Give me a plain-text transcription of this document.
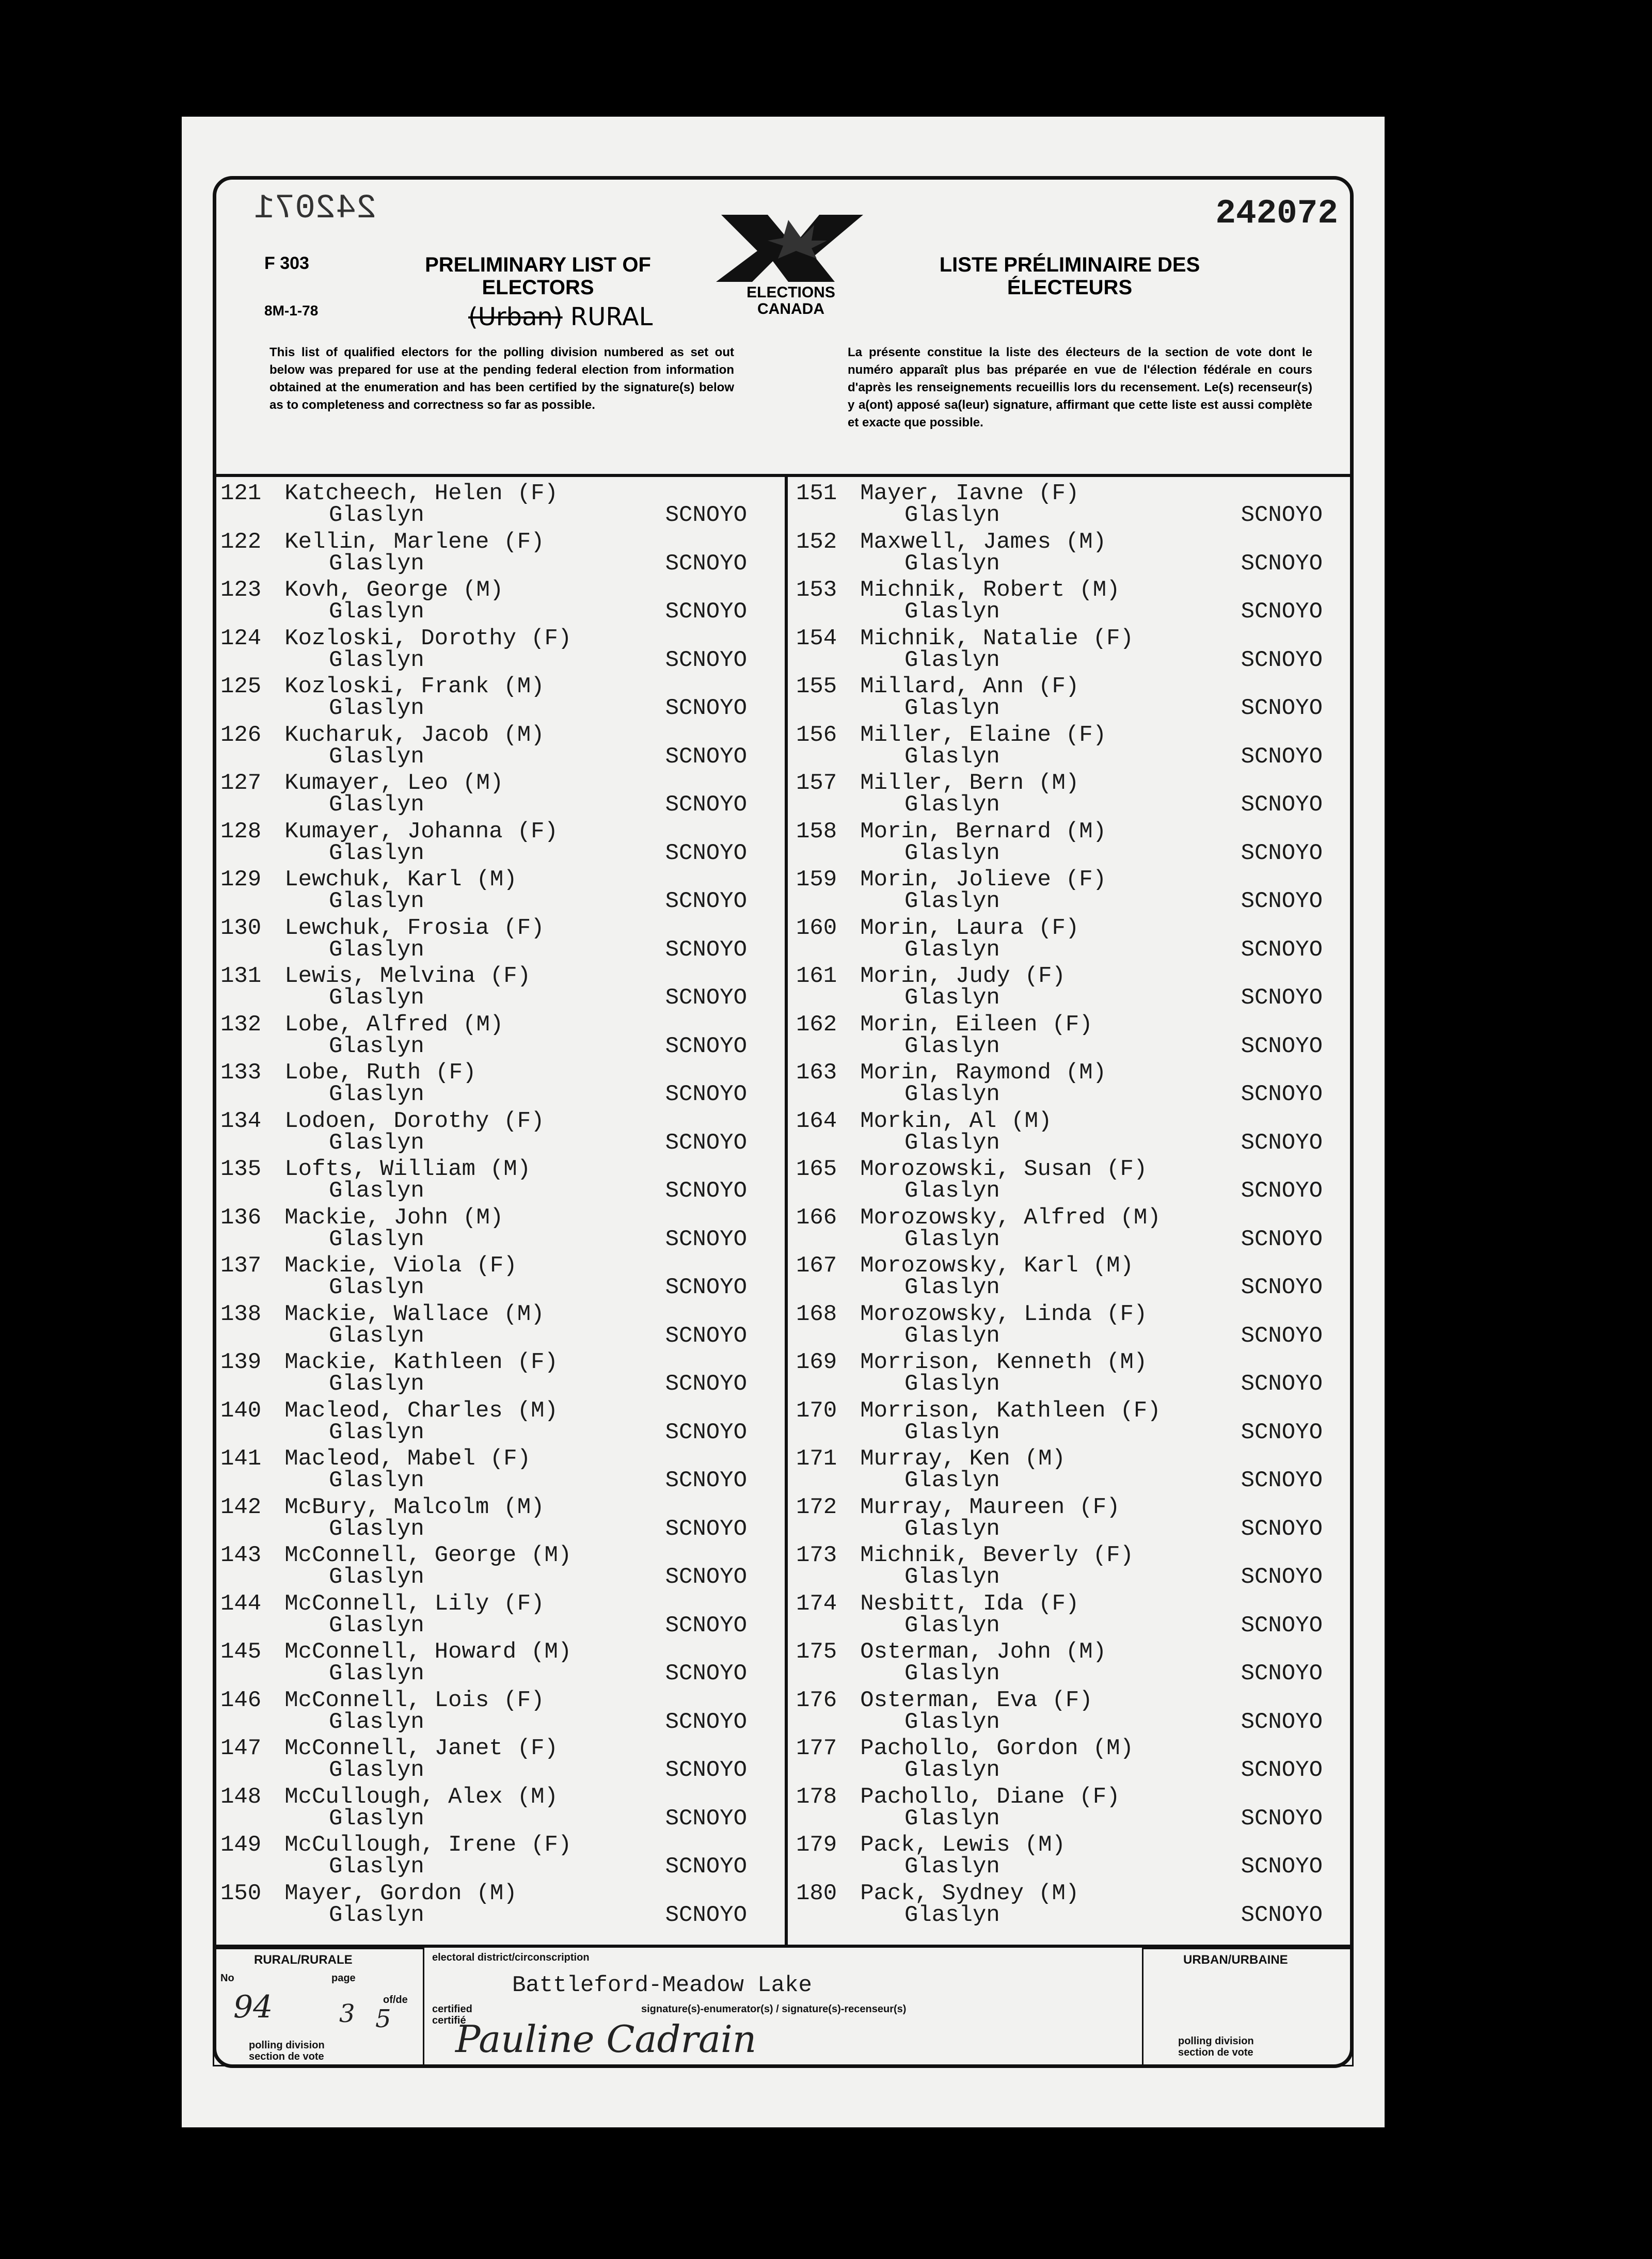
242071	242072
F 303
8M-1-78
PRELIMINARY LIST OF ELECTORS
(Urban) RURAL
ELECTIONS CANADA
LISTE PRÉLIMINAIRE DES ÉLECTEURS
This list of qualified electors for the polling division numbered as set out below was prepared for use at the pending federal election from information obtained at the enumeration and has been certified by the signature(s) below as to completeness and correctness so far as possible.
La présente constitue la liste des électeurs de la section de vote dont le numéro apparaît plus bas préparée en vue de l'élection fédérale en cours d'après les renseignements recueillis lors du recensement. Le(s) recenseur(s) y a(ont) apposé sa(leur) signature, affirmant que cette liste est aussi complète et exacte que possible.
121 Katcheech, Helen (F)
Glaslyn	SCNOYO
122 Kellin, Marlene (F)
Glaslyn	SCNOYO
123 Kovh, George (M)
Glaslyn	SCNOYO
124 Kozloski, Dorothy (F)
Glaslyn	SCNOYO
125 Kozloski, Frank (M)
Glaslyn	SCNOYO
126 Kucharuk, Jacob (M)
Glaslyn	SCNOYO
127 Kumayer, Leo (M)
Glaslyn	SCNOYO
128 Kumayer, Johanna (F)
Glaslyn	SCNOYO
129 Lewchuk, Karl (M)
Glaslyn	SCNOYO
130 Lewchuk, Frosia (F)
Glaslyn	SCNOYO
131 Lewis, Melvina (F)
Glaslyn	SCNOYO
132 Lobe, Alfred (M)
Glaslyn	SCNOYO
133 Lobe, Ruth (F)
Glaslyn	SCNOYO
134 Lodoen, Dorothy (F)
Glaslyn	SCNOYO
135 Lofts, William (M)
Glaslyn	SCNOYO
136 Mackie, John (M)
Glaslyn	SCNOYO
137 Mackie, Viola (F)
Glaslyn	SCNOYO
138 Mackie, Wallace (M)
Glaslyn	SCNOYO
139 Mackie, Kathleen (F)
Glaslyn	SCNOYO
140 Macleod, Charles (M)
Glaslyn	SCNOYO
141 Macleod, Mabel (F)
Glaslyn	SCNOYO
142 McBury, Malcolm (M)
Glaslyn	SCNOYO
143 McConnell, George (M)
Glaslyn	SCNOYO
144 McConnell, Lily (F)
Glaslyn	SCNOYO
145 McConnell, Howard (M)
Glaslyn	SCNOYO
146 McConnell, Lois (F)
Glaslyn	SCNOYO
147 McConnell, Janet (F)
Glaslyn	SCNOYO
148 McCullough, Alex (M)
Glaslyn	SCNOYO
149 McCullough, Irene (F)
Glaslyn	SCNOYO
150 Mayer, Gordon (M)
Glaslyn	SCNOYO
151 Mayer, Iavne (F)
Glaslyn	SCNOYO
152 Maxwell, James (M)
Glaslyn	SCNOYO
153 Michnik, Robert (M)
Glaslyn	SCNOYO
154 Michnik, Natalie (F)
Glaslyn	SCNOYO
155 Millard, Ann (F)
Glaslyn	SCNOYO
156 Miller, Elaine (F)
Glaslyn	SCNOYO
157 Miller, Bern (M)
Glaslyn	SCNOYO
158 Morin, Bernard (M)
Glaslyn	SCNOYO
159 Morin, Jolieve (F)
Glaslyn	SCNOYO
160 Morin, Laura (F)
Glaslyn	SCNOYO
161 Morin, Judy (F)
Glaslyn	SCNOYO
162 Morin, Eileen (F)
Glaslyn	SCNOYO
163 Morin, Raymond (M)
Glaslyn	SCNOYO
164 Morkin, Al (M)
Glaslyn	SCNOYO
165 Morozowski, Susan (F)
Glaslyn	SCNOYO
166 Morozowsky, Alfred (M)
Glaslyn	SCNOYO
167 Morozowsky, Karl (M)
Glaslyn	SCNOYO
168 Morozowsky, Linda (F)
Glaslyn	SCNOYO
169 Morrison, Kenneth (M)
Glaslyn	SCNOYO
170 Morrison, Kathleen (F)
Glaslyn	SCNOYO
171 Murray, Ken (M)
Glaslyn	SCNOYO
172 Murray, Maureen (F)
Glaslyn	SCNOYO
173 Michnik, Beverly (F)
Glaslyn	SCNOYO
174 Nesbitt, Ida (F)
Glaslyn	SCNOYO
175 Osterman, John (M)
Glaslyn	SCNOYO
176 Osterman, Eva (F)
Glaslyn	SCNOYO
177 Pachollo, Gordon (M)
Glaslyn	SCNOYO
178 Pachollo, Diane (F)
Glaslyn	SCNOYO
179 Pack, Lewis (M)
Glaslyn	SCNOYO
180 Pack, Sydney (M)
Glaslyn	SCNOYO
RURAL/RURALE
No	page
of/de
94	3 5
polling division section de vote
electoral district/circonscription
Battleford-Meadow Lake
certified certifié
signature(s)-enumerator(s) / signature(s)-recenseur(s)
Pauline Cadrain
URBAN/URBAINE
polling division section de vote
